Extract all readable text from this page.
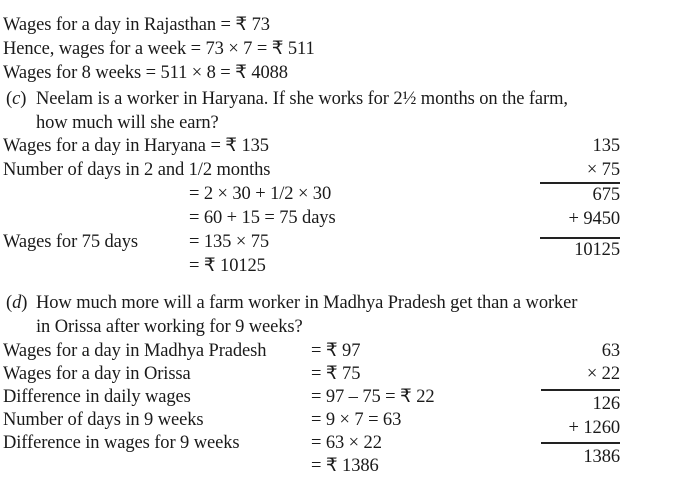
Wages for a day in Rajasthan = ₹ 73
Hence, wages for a week = 73 × 7 = ₹ 511
Wages for 8 weeks = 511 × 8 = ₹ 4088
(c) Neelam is a worker in Haryana. If she works for 2½ months on the farm,
how much will she earn?
Wages for a day in Haryana = ₹ 135
Number of days in 2 and 1/2 months
= 2 × 30 + 1/2 × 30
= 60 + 15 = 75 days
Wages for 75 days	= 135 × 75
= ₹ 10125
135
× 75
675
+ 9450
10125
(d) How much more will a farm worker in Madhya Pradesh get than a worker
in Orissa after working for 9 weeks?
Wages for a day in Madhya Pradesh = ₹ 97
Wages for a day in Orissa	= ₹ 75
Difference in daily wages	= 97 – 75 = ₹ 22
Number of days in 9 weeks	= 9 × 7 = 63
Difference in wages for 9 weeks	= 63 × 22
= ₹ 1386
63
× 22
126
+ 1260
1386
